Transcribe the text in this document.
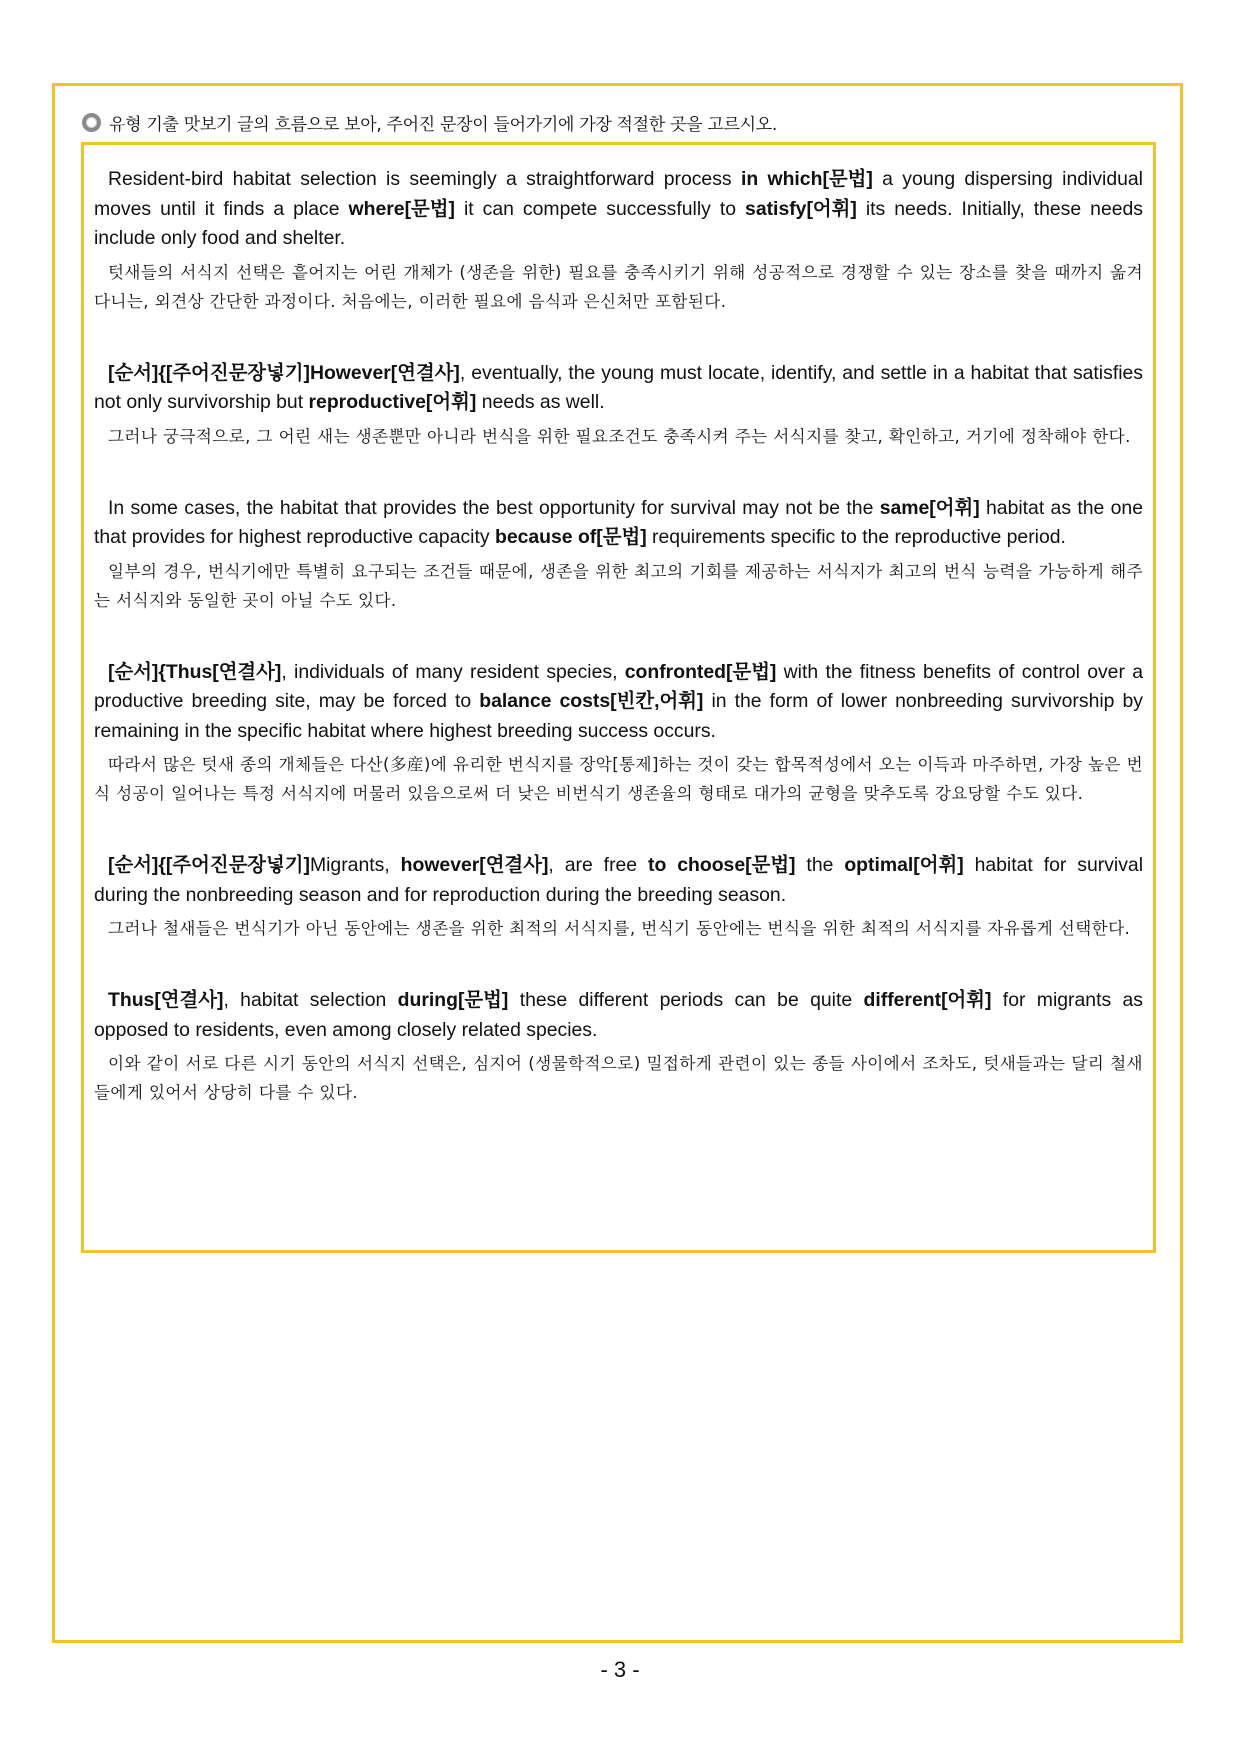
유형 기출 맛보기 글의 흐름으로 보아, 주어진 문장이 들어가기에 가장 적절한 곳을 고르시오.

Resident-bird habitat selection is seemingly a straightforward process in which[문법] a young dispersing individual moves until it finds a place where[문법] it can compete successfully to satisfy[어휘] its needs. Initially, these needs include only food and shelter.

텃새들의 서식지 선택은 흩어지는 어린 개체가 (생존을 위한) 필요를 충족시키기 위해 성공적으로 경쟁할 수 있는 장소를 찾을 때까지 옮겨 다니는, 외견상 간단한 과정이다. 처음에는, 이러한 필요에 음식과 은신처만 포함된다.

[순서]{[주어진문장넣기]However[연결사], eventually, the young must locate, identify, and settle in a habitat that satisfies not only survivorship but reproductive[어휘] needs as well.

그러나 궁극적으로, 그 어린 새는 생존뿐만 아니라 번식을 위한 필요조건도 충족시켜 주는 서식지를 찾고, 확인하고, 거기에 정착해야 한다.

In some cases, the habitat that provides the best opportunity for survival may not be the same[어휘] habitat as the one that provides for highest reproductive capacity because of[문법] requirements specific to the reproductive period.

일부의 경우, 번식기에만 특별히 요구되는 조건들 때문에, 생존을 위한 최고의 기회를 제공하는 서식지가 최고의 번식 능력을 가능하게 해주는 서식지와 동일한 곳이 아닐 수도 있다.

[순서]{Thus[연결사], individuals of many resident species, confronted[문법] with the fitness benefits of control over a productive breeding site, may be forced to balance costs[빈칸,어휘] in the form of lower nonbreeding survivorship by remaining in the specific habitat where highest breeding success occurs.

따라서 많은 텃새 종의 개체들은 다산(多産)에 유리한 번식지를 장악[통제]하는 것이 갖는 합목적성에서 오는 이득과 마주하면, 가장 높은 번식 성공이 일어나는 특정 서식지에 머물러 있음으로써 더 낮은 비번식기 생존율의 형태로 대가의 균형을 맞추도록 강요당할 수도 있다.

[순서]{[주어진문장넣기]Migrants, however[연결사], are free to choose[문법] the optimal[어휘] habitat for survival during the nonbreeding season and for reproduction during the breeding season.

그러나 철새들은 번식기가 아닌 동안에는 생존을 위한 최적의 서식지를, 번식기 동안에는 번식을 위한 최적의 서식지를 자유롭게 선택한다.

Thus[연결사], habitat selection during[문법] these different periods can be quite different[어휘] for migrants as opposed to residents, even among closely related species.

이와 같이 서로 다른 시기 동안의 서식지 선택은, 심지어 (생물학적으로) 밀접하게 관련이 있는 종들 사이에서 조차도, 텃새들과는 달리 철새들에게 있어서 상당히 다를 수 있다.

- 3 -
